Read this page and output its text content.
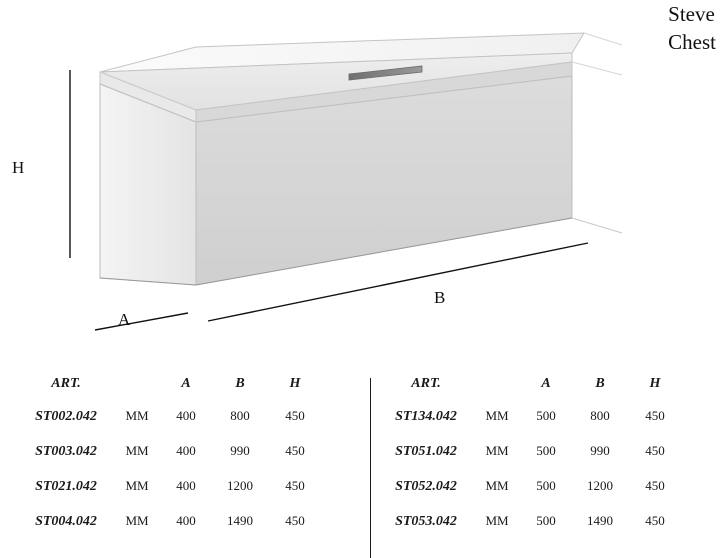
Steve
Chest
H
A
B
ART.		A	B	H
ST002.042	MM	400	800	450
ST003.042	MM	400	990	450
ST021.042	MM	400	1200	450
ST004.042	MM	400	1490	450
ART.		A	B	H
ST134.042	MM	500	800	450
ST051.042	MM	500	990	450
ST052.042	MM	500	1200	450
ST053.042	MM	500	1490	450
